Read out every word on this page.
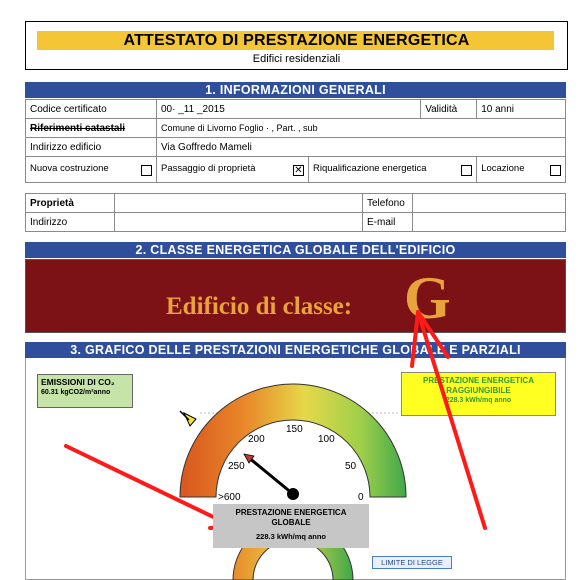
ATTESTATO DI PRESTAZIONE ENERGETICA
Edifici residenziali
1. INFORMAZIONI GENERALI
Codice certificato	00· _11 _2015		Validità	10 anni
Riferimenti catastali	Comune di Livorno Foglio · , Part. , sub			
Indirizzo edificio	Via Goffredo Mameli			
Nuova costruzione	Passaggio di proprietà ✕	Riqualificazione energetica		Locazione
Proprietà		Telefono	
Indirizzo		E-mail	
2. CLASSE ENERGETICA GLOBALE DELL'EDIFICIO
Edificio di classe: G
3. GRAFICO DELLE PRESTAZIONI ENERGETICHE GLOBALE E PARZIALI
EMISSIONI DI CO₂
60.31 kgCO2/m²anno
PRESTAZIONE ENERGETICA
RAGGIUNGIBILE
228.3 kWh/mq anno
>600
250
200
150
100
50
0
PRESTAZIONE ENERGETICA
GLOBALE
228.3 kWh/mq anno
LIMITE DI LEGGE
